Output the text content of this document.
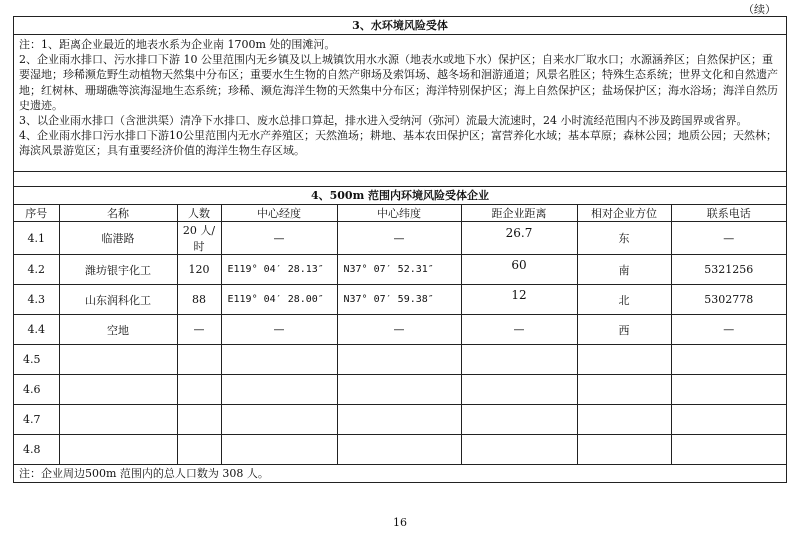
（续）
3、水环境风险受体

注：1、距离企业最近的地表水系为企业南 1700m 处的围滩河。

2、企业雨水排口、污水排口下游 10 公里范围内无乡镇及以上城镇饮用水水源（地表水或地下水）保护区；自来水厂取水口；水源涵养区；自然保护区；重要湿地；珍稀濒危野生动植物天然集中分布区；重要水生生物的自然产卵场及索饵场、越冬场和洄游通道；风景名胜区；特殊生态系统；世界文化和自然遗产地；红树林、珊瑚礁等滨海湿地生态系统；珍稀、濒危海洋生物的天然集中分布区；海洋特别保护区；海上自然保护区；盐场保护区；海水浴场；海洋自然历史遗迹。

3、以企业雨水排口（含泄洪渠）清净下水排口、废水总排口算起，排水进入受纳河（弥河）流最大流速时，24 小时流经范围内不涉及跨国界或省界。

4、企业雨水排口污水排口下游10公里范围内无水产养殖区；天然渔场；耕地、基本农田保护区；富营养化水域；基本草原；森林公园；地质公园；天然林；海滨风景游览区；具有重要经济价值的海洋生物生存区域。

4、500m 范围内环境风险受体企业
序号	名称	人数	中心经度	中心纬度	距企业距离	相对企业方位	联系电话
4.1	临港路	20 人/时	—	—	26.7	东	—
4.2	潍坊银宇化工	120	E119° 04′ 28.13″	N37° 07′ 52.31″	60	南	5321256
4.3	山东润科化工	88	E119° 04′ 28.00″	N37° 07′ 59.38″	12	北	5302778
4.4	空地	—	—	—	—	西	—
4.5							
4.6							
4.7							
4.8							
注：企业周边500m 范围内的总人口数为 308 人。
16
